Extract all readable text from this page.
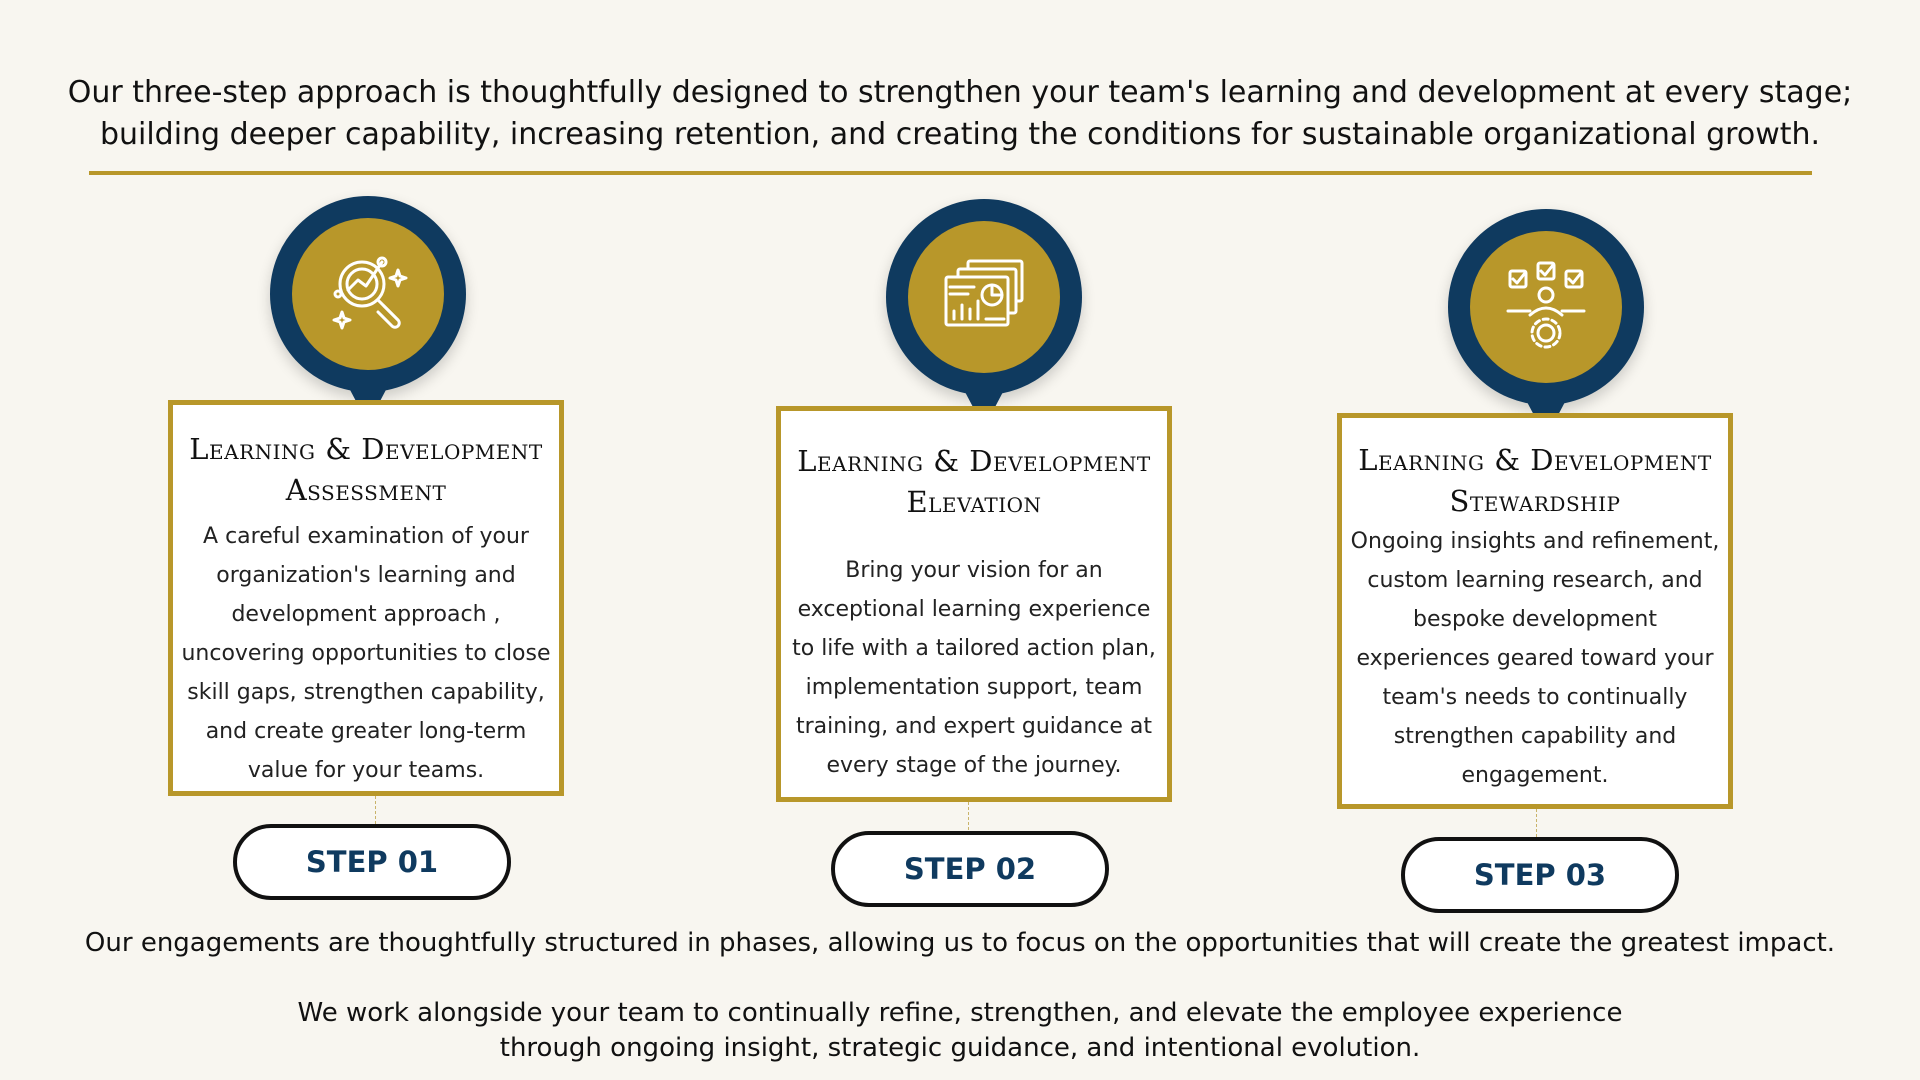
Our three-step approach is thoughtfully designed to strengthen your team's learning and development at every stage;
building deeper capability, increasing retention, and creating the conditions for sustainable organizational growth.
Learning & Development
Assessment
A careful examination of your
organization's learning and
development approach ,
uncovering opportunities to close
skill gaps, strengthen capability,
and create greater long-term
value for your teams.
STEP 01
Learning & Development
Elevation
Bring your vision for an
exceptional learning experience
to life with a tailored action plan,
implementation support, team
training, and expert guidance at
every stage of the journey.
STEP 02
Learning & Development
Stewardship
Ongoing insights and refinement,
custom learning research, and
bespoke development
experiences geared toward your
team's needs to continually
strengthen capability and
engagement.
STEP 03
Our engagements are thoughtfully structured in phases, allowing us to focus on the opportunities that will create the greatest impact.
We work alongside your team to continually refine, strengthen, and elevate the employee experience
through ongoing insight, strategic guidance, and intentional evolution.
